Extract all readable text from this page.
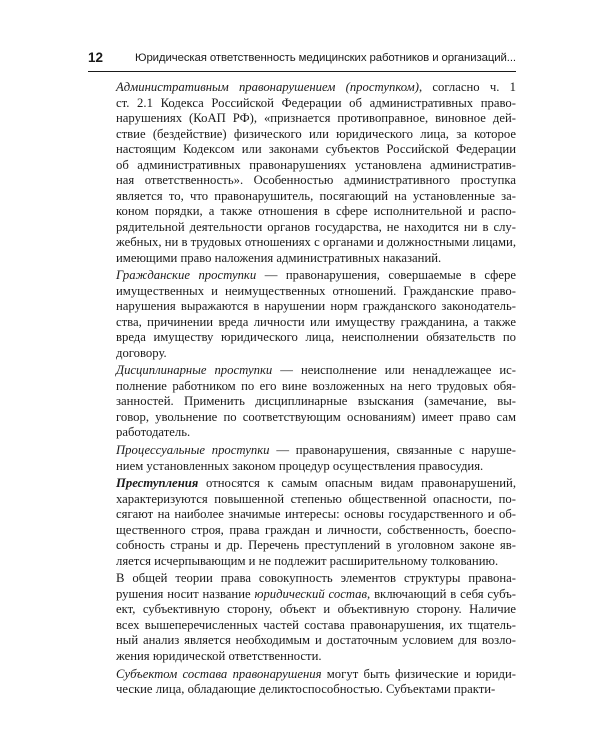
12	Юридическая ответственность медицинских работников и организаций...
Административным правонарушением (проступком), согласно ч. 1
ст. 2.1 Кодекса Российской Федерации об административных право-
нарушениях (КоАП РФ), «признается противоправное, виновное дей-
ствие (бездействие) физического или юридического лица, за которое
настоящим Кодексом или законами субъектов Российской Федерации
об административных правонарушениях установлена административ-
ная ответственность». Особенностью административного проступка
является то, что правонарушитель, посягающий на установленные за-
коном порядки, а также отношения в сфере исполнительной и распо-
рядительной деятельности органов государства, не находится ни в слу-
жебных, ни в трудовых отношениях с органами и должностными лицами,
имеющими право наложения административных наказаний.
Гражданские проступки — правонарушения, совершаемые в сфере
имущественных и неимущественных отношений. Гражданские право-
нарушения выражаются в нарушении норм гражданского законодатель-
ства, причинении вреда личности или имуществу гражданина, а также
вреда имуществу юридического лица, неисполнении обязательств по
договору.
Дисциплинарные проступки — неисполнение или ненадлежащее ис-
полнение работником по его вине возложенных на него трудовых обя-
занностей. Применить дисциплинарные взыскания (замечание, вы-
говор, увольнение по соответствующим основаниям) имеет право сам
работодатель.
Процессуальные проступки — правонарушения, связанные с наруше-
нием установленных законом процедур осуществления правосудия.
Преступления относятся к самым опасным видам правонарушений,
характеризуются повышенной степенью общественной опасности, по-
сягают на наиболее значимые интересы: основы государственного и об-
щественного строя, права граждан и личности, собственность, боеспо-
собность страны и др. Перечень преступлений в уголовном законе яв-
ляется исчерпывающим и не подлежит расширительному толкованию.
В общей теории права совокупность элементов структуры правона-
рушения носит название юридический состав, включающий в себя субъ-
ект, субъективную сторону, объект и объективную сторону. Наличие
всех вышеперечисленных частей состава правонарушения, их тщатель-
ный анализ является необходимым и достаточным условием для возло-
жения юридической ответственности.
Субъектом состава правонарушения могут быть физические и юриди-
ческие лица, обладающие деликтоспособностью. Субъектами практи-
